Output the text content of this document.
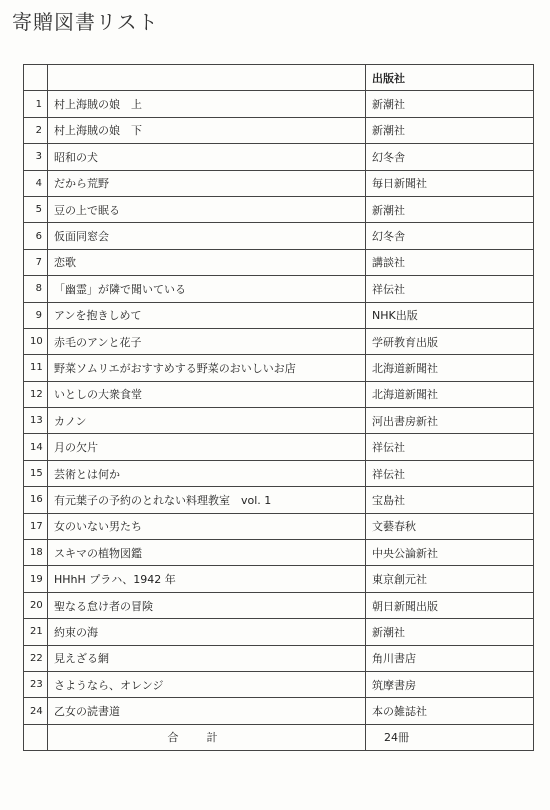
寄贈図書リスト
		出版社
1	村上海賊の娘　上	新潮社
2	村上海賊の娘　下	新潮社
3	昭和の犬	幻冬舎
4	だから荒野	毎日新聞社
5	豆の上で眠る	新潮社
6	仮面同窓会	幻冬舎
7	恋歌	講談社
8	「幽霊」が隣で聞いている	祥伝社
9	アンを抱きしめて	NHK出版
10	赤毛のアンと花子	学研教育出版
11	野菜ソムリエがおすすめする野菜のおいしいお店	北海道新聞社
12	いとしの大衆食堂	北海道新聞社
13	カノン	河出書房新社
14	月の欠片	祥伝社
15	芸術とは何か	祥伝社
16	有元葉子の予約のとれない料理教室　vol. 1	宝島社
17	女のいない男たち	文藝春秋
18	スキマの植物図鑑	中央公論新社
19	HHhH プラハ、1942 年	東京創元社
20	聖なる怠け者の冒険	朝日新聞出版
21	約束の海	新潮社
22	見えざる網	角川書店
23	さようなら、オレンジ	筑摩書房
24	乙女の読書道	本の雑誌社
	合計	24冊
